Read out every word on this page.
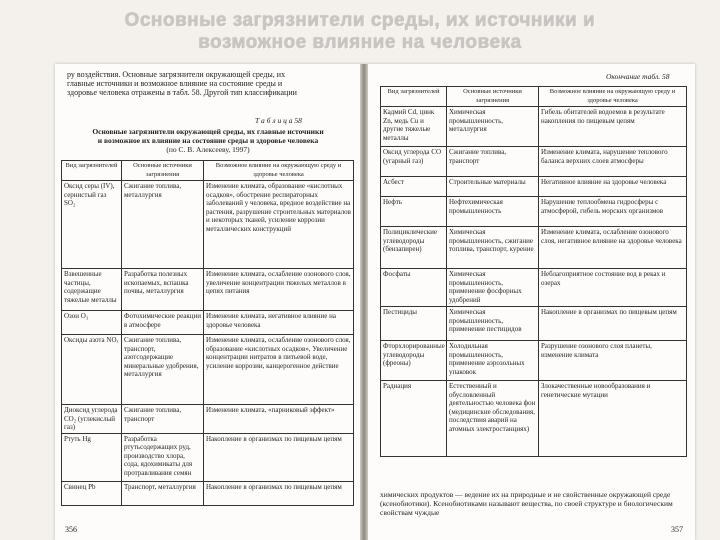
Основные загрязнители среды, их источники и
возможное влияние на человека
ру воздействия. Основные загрязнители окружающей среды, их
главные источники и возможное влияние на состояние среды и
здоровье человека отражены в табл. 58. Другой тип классификации
Т а б л и ц а 58
Основные загрязнители окружающей среды, их главные источники
и возможное их влияние на состояние среды и здоровье человека
(по С. В. Алексееву, 1997)
Вид загрязнителей	Основные источники загрязнения	Возможное влияние на окружающую среду и здоровье человека
Оксид серы (IV), сернистый газ SO₂	Сжигание топлива, металлургия	Изменение климата, образование «кислотных осадков», обострение респираторных заболеваний у человека, вредное воздействие на растения, разрушение строительных материалов и некоторых тканей, усиление коррозии металлических конструкций
Взвешенные частицы, содержащие тяжелые металлы	Разработка полезных ископаемых, вспашка почвы, металлургия	Изменение климата, ослабление озонового слоя, увеличение концентрации тяжелых металлов в цепях питания
Озон O₃	Фотохимические реакции в атмосфере	Изменение климата, негативное влияние на здоровье человека
Оксиды азота NOₓ	Сжигание топлива, транспорт, азотсодержащие минеральные удобрения, металлургия	Изменение климата, ослабление озонового слоя, образование «кислотных осадков», Увеличение концентрации нитратов в питьевой воде, усиление коррозии, канцерогенное действие
Диоксид углерода CO₂ (углекислый газ)	Сжигание топлива, транспорт	Изменение климата, «парниковый эффект»
Ртуть Hg	Разработка ртутьсодержащих руд, производство хлора, сода, ядохимикаты для протравливания семян	Накопление в организмах по пищевым цепям
Свинец Pb	Транспорт, металлургия	Накопление в организмах по пищевым цепям
356
Окончание табл. 58
Вид загрязнителей	Основные источники загрязнения	Возможное влияние на окружающую среду и здоровье человека
Кадмий Cd, цинк Zn, медь Cu и другие тяжелые металлы	Химическая промышленность, металлургия	Гибель обитателей водоемов в результате накопления по пищевым цепям
Оксид углерода CO (угарный газ)	Сжигание топлива, транспорт	Изменение климата, нарушение теплового баланса верхних слоев атмосферы
Асбест	Строительные материалы	Негативное влияние на здоровье человека
Нефть	Нефтехимическая промышленность	Нарушение теплообмена гидросферы с атмосферой, гибель морских организмов
Полициклические углеводороды (бензапирен)	Химическая промышленность, сжигание топлива, транспорт, курение	Изменение климата, ослабление озонового слоя, негативное влияние на здоровье человека
Фосфаты	Химическая промышленность, применение фосфорных удобрений	Неблагоприятное состояние вод в реках и озерах
Пестициды	Химическая промышленность, применение пестицидов	Накопление в организмах по пищевым цепям
Фторхлорированные углеводороды (фреоны)	Холодильная промышленность, применение аэрозольных упаковок	Разрушение озонового слоя планеты, изменение климата
Радиация	Естественный и обусловленный деятельностью человека фон (медицинские обследования, последствия аварий на атомных электростанциях)	Злокачественные новообразования и генетические мутации
химических продуктов — ведение их на природные и не свойственные окружающей среде (ксенобиотики). Ксенобиотиками называют вещества, по своей структуре и биологическим свойствам чуждые
357
